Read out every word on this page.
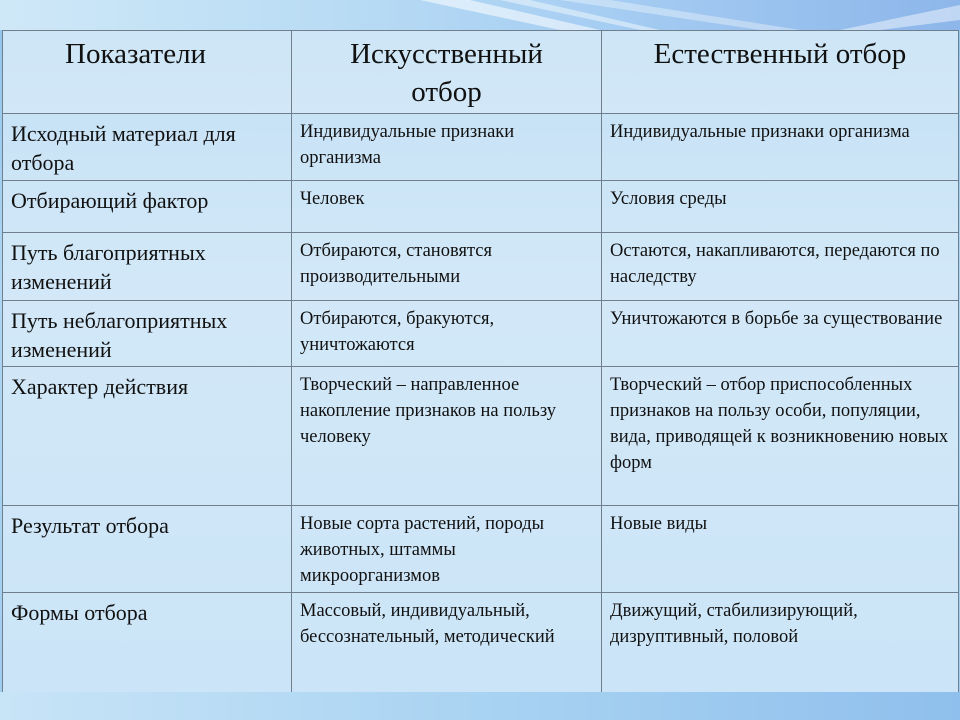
Показатели	Искусственный отбор	Естественный отбор
Исходный материал для отбора	Индивидуальные признаки организма	Индивидуальные признаки организма
Отбирающий фактор	Человек	Условия среды
Путь благоприятных изменений	Отбираются, становятся производительными	Остаются, накапливаются, передаются по наследству
Путь неблагоприятных изменений	Отбираются, бракуются, уничтожаются	Уничтожаются в борьбе за существование
Характер действия	Творческий – направленное накопление признаков на пользу человеку	Творческий – отбор приспособленных признаков на пользу особи, популяции, вида, приводящей к возникновению новых форм
Результат отбора	Новые сорта растений, породы животных, штаммы микроорганизмов	Новые виды
Формы отбора	Массовый, индивидуальный, бессознательный, методический	Движущий, стабилизирующий, дизруптивный, половой
